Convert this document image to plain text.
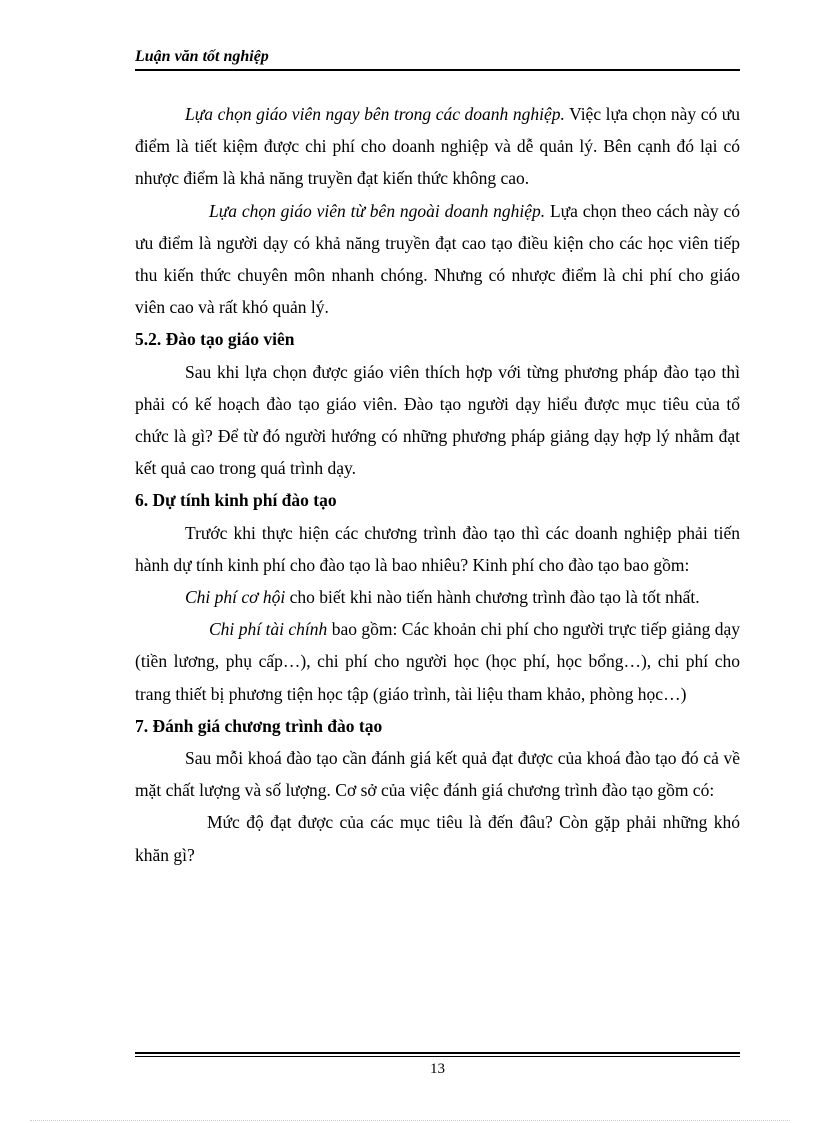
Luận văn tốt nghiệp

Lựa chọn giáo viên ngay bên trong các doanh nghiệp. Việc lựa chọn này có ưu điểm là tiết kiệm được chi phí cho doanh nghiệp và dễ quản lý. Bên cạnh đó lại có nhược điểm là khả năng truyền đạt kiến thức không cao.

Lựa chọn giáo viên từ bên ngoài doanh nghiệp. Lựa chọn theo cách này có ưu điểm là người dạy có khả năng truyền đạt cao tạo điều kiện cho các học viên tiếp thu kiến thức chuyên môn nhanh chóng. Nhưng có nhược điểm là chi phí cho giáo viên cao và rất khó quản lý.

5.2. Đào tạo giáo viên

Sau khi lựa chọn được giáo viên thích hợp với từng phương pháp đào tạo thì phải có kế hoạch đào tạo giáo viên. Đào tạo người dạy hiểu được mục tiêu của tổ chức là gì? Để từ đó người hướng có những phương pháp giảng dạy hợp lý nhằm đạt kết quả cao trong quá trình dạy.

6. Dự tính kinh phí đào tạo

Trước khi thực hiện các chương trình đào tạo thì các doanh nghiệp phải tiến hành dự tính kinh phí cho đào tạo là bao nhiêu? Kinh phí cho đào tạo bao gồm:

Chi phí cơ hội cho biết khi nào tiến hành chương trình đào tạo là tốt nhất.

Chi phí tài chính bao gồm: Các khoản chi phí cho người trực tiếp giảng dạy (tiền lương, phụ cấp…), chi phí cho người học (học phí, học bổng…), chi phí cho trang thiết bị phương tiện học tập (giáo trình, tài liệu tham khảo, phòng học…)

7. Đánh giá chương trình đào tạo

Sau mỗi khoá đào tạo cần đánh giá kết quả đạt được của khoá đào tạo đó cả về mặt chất lượng và số lượng. Cơ sở của việc đánh giá chương trình đào tạo gồm có:

Mức độ đạt được của các mục tiêu là đến đâu? Còn gặp phải những khó khăn gì?

13
